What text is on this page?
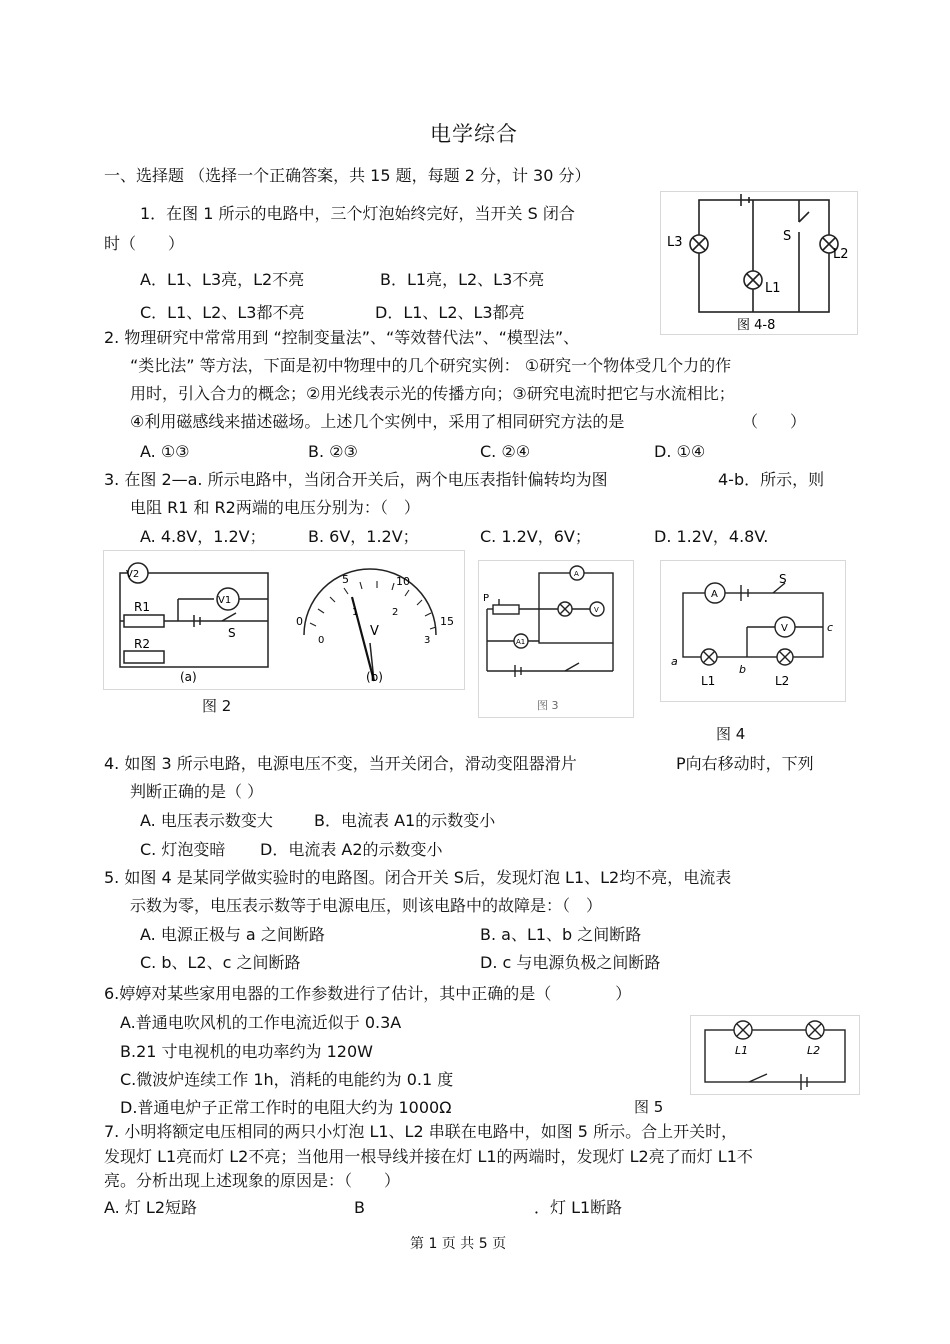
电学综合
一、选择题 （选择一个正确答案，共 15 题，每题 2 分，计 30 分）
1．在图 1 所示的电路中，三个灯泡始终完好，当开关 S 闭合
时（　　）
A．L1、L3亮，L2不亮	B．L1亮，L2、L3不亮
C．L1、L2、L3都不亮	D．L1、L2、L3都亮
L3
L2
L1
S
图 4-8
2. 物理研究中常常用到 “控制变量法”、“等效替代法”、“模型法”、
“类比法” 等方法，下面是初中物理中的几个研究实例： ①研究一个物体受几个力的作
用时，引入合力的概念；②用光线表示光的传播方向；③研究电流时把它与水流相比；
④利用磁感线来描述磁场。上述几个实例中，采用了相同研究方法的是	（　　）
A. ①③	B. ②③	C. ②④	D. ①④
3. 在图 2—a. 所示电路中，当闭合开关后，两个电压表指针偏转均为图	4-b．所示，则
电阻 R1 和 R2两端的电压分别为：（　）
A. 4.8V，1.2V；	B. 6V，1.2V；	C. 1.2V，6V；	D. 1.2V，4.8V.
V2
V1
R1
R2
S
(a)	(b)
0
5	10
15
0
1	2
3
V
图 2
P
A
V
A1
图 3
A
V
S
a
b
c
L1	L2
图 4
4. 如图 3 所示电路，电源电压不变，当开关闭合，滑动变阻器滑片	P向右移动时，下列
判断正确的是（ ）
A. 电压表示数变大	B．电流表 A1的示数变小
C. 灯泡变暗 D．电流表 A2的示数变小
5. 如图 4 是某同学做实验时的电路图。闭合开关 S后，发现灯泡 L1、L2均不亮，电流表
示数为零，电压表示数等于电源电压，则该电路中的故障是：（　）
A. 电源正极与 a 之间断路	B. a、L1、b 之间断路
C. b、L2、c 之间断路	D. c 与电源负极之间断路
6.婷婷对某些家用电器的工作参数进行了估计，其中正确的是（　　　　）
A.普通电吹风机的工作电流近似于 0.3A
B.21 寸电视机的电功率约为 120W
C.微波炉连续工作 1h，消耗的电能约为 0.1 度
D.普通电炉子正常工作时的电阻大约为 1000Ω
L1	L2
图 5
7. 小明将额定电压相同的两只小灯泡 L1、L2 串联在电路中，如图 5 所示。合上开关时，
发现灯 L1亮而灯 L2不亮；当他用一根导线并接在灯 L1的两端时，发现灯 L2亮了而灯 L1不
亮。分析出现上述现象的原因是：（　　）
A. 灯 L2短路	B	．灯 L1断路
第 1 页 共 5 页
